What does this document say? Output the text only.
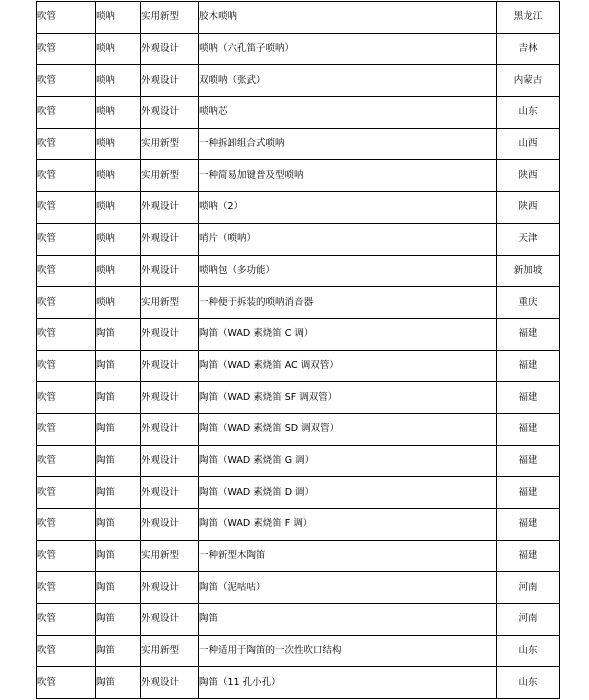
吹管	唢呐	实用新型	胶木唢呐	黑龙江
吹管	唢呐	外观设计	唢呐（六孔笛子唢呐）	吉林
吹管	唢呐	外观设计	双唢呐（张武）	内蒙古
吹管	唢呐	外观设计	唢呐芯	山东
吹管	唢呐	实用新型	一种拆卸组合式唢呐	山西
吹管	唢呐	实用新型	一种简易加键普及型唢呐	陕西
吹管	唢呐	外观设计	唢呐（2）	陕西
吹管	唢呐	外观设计	哨片（唢呐）	天津
吹管	唢呐	外观设计	唢呐包（多功能）	新加坡
吹管	唢呐	实用新型	一种便于拆装的唢呐消音器	重庆
吹管	陶笛	外观设计	陶笛（WAD 素烧笛 C 调）	福建
吹管	陶笛	外观设计	陶笛（WAD 素烧笛 AC 调双管）	福建
吹管	陶笛	外观设计	陶笛（WAD 素烧笛 SF 调双管）	福建
吹管	陶笛	外观设计	陶笛（WAD 素烧笛 SD 调双管）	福建
吹管	陶笛	外观设计	陶笛（WAD 素烧笛 G 调）	福建
吹管	陶笛	外观设计	陶笛（WAD 素烧笛 D 调）	福建
吹管	陶笛	外观设计	陶笛（WAD 素烧笛 F 调）	福建
吹管	陶笛	实用新型	一种新型木陶笛	福建
吹管	陶笛	外观设计	陶笛（泥咕咕）	河南
吹管	陶笛	外观设计	陶笛	河南
吹管	陶笛	实用新型	一种适用于陶笛的一次性吹口结构	山东
吹管	陶笛	外观设计	陶笛（11 孔小孔）	山东
